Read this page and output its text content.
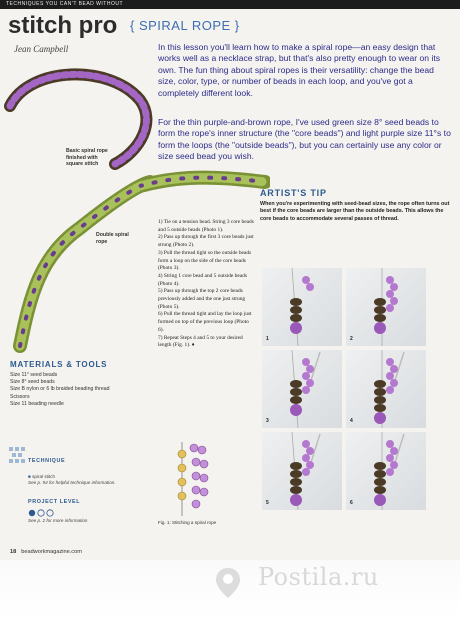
TECHNIQUES YOU CAN'T BEAD WITHOUT
stitch pro { SPIRAL ROPE }
Jean Campbell	In this lesson you'll learn how to make a spiral rope—an easy design that works well as a necklace strap, but that's also pretty enough to wear on its own. The fun thing about spiral ropes is their versatility: change the bead size, color, type, or number of beads in each loop, and you've got a completely different look.

For the thin purple-and-brown rope, I've used green size 8° seed beads to form the rope's inner structure (the "core beads") and light purple size 11°s to form the loops (the "outside beads"), but you can certainly use any color or size seed bead you wish.

Basic spiral rope finished with square stitch
Double spiral rope
1) Tie on a tension bead. String 3 core beads and 5 outside beads (Photo 1).
2) Pass up through the first 3 core beads just strung (Photo 2).
3) Pull the thread tight so the outside beads form a loop on the side of the core beads (Photo 3).
4) String 1 core bead and 5 outside beads (Photo 4).
5) Pass up through the top 2 core beads previously added and the one just strung (Photo 5).
6) Pull the thread tight and lay the loop just formed on top of the previous loop (Photo 6).
7) Repeat Steps 4 and 5 to your desired length (Fig. 1). ♦
Fig. 1: Stitching a spiral rope
MATERIALS & TOOLS
Size 11° seed beads
Size 8° seed beads
Size B nylon or 6 lb braided beading thread
Scissors
Size 11 beading needle
TECHNIQUE
■ spiral stitch
See p. 94 for helpful technique information.
PROJECT LEVEL
See p. 2 for more information
ARTIST'S TIP
When you're experimenting with seed-bead sizes, the rope often turns out best if the core beads are larger than the outside beads. This allows the core beads to accommodate several passes of thread.
1	2
3	4
5	6
18 beadworkmagazine.com
Postila.ru
